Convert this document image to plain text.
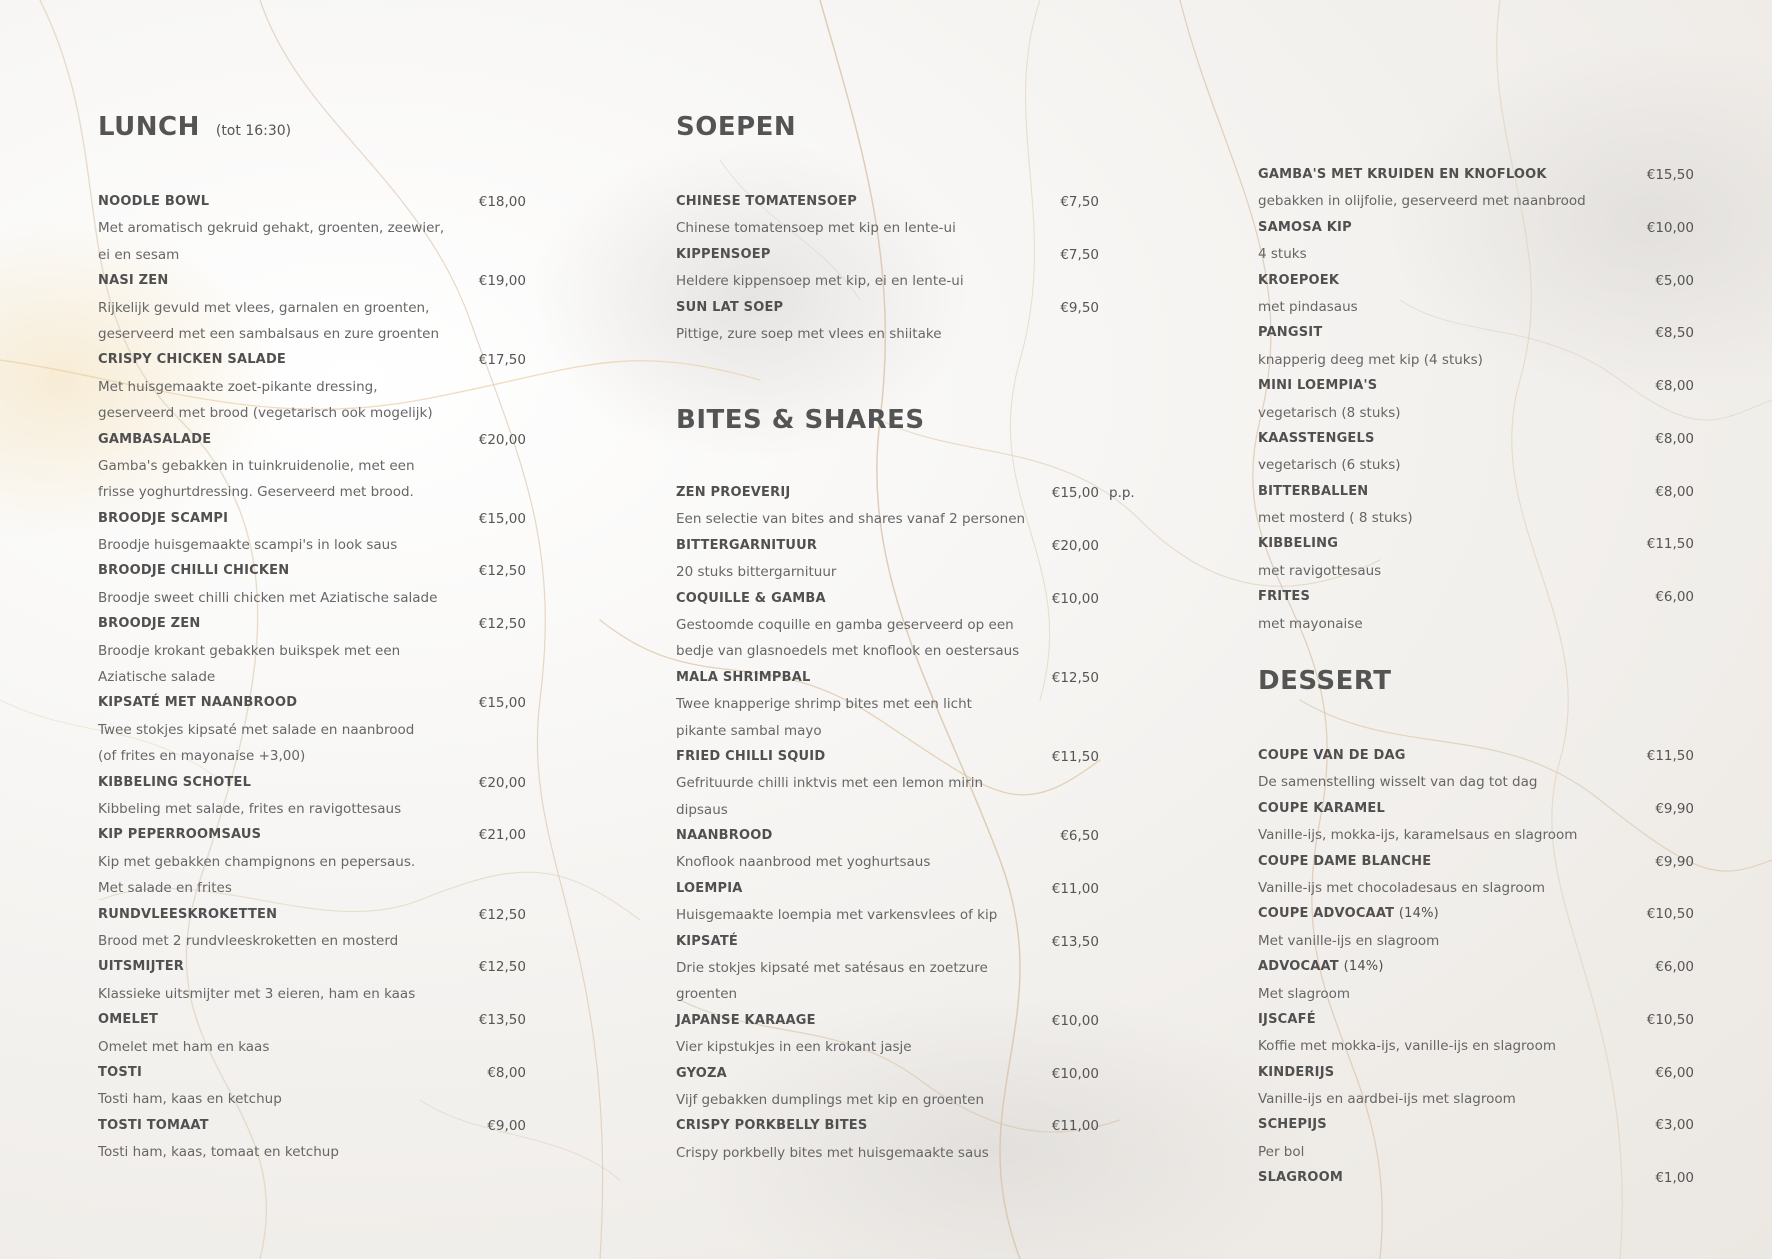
LUNCH (tot 16:30)
NOODLE BOWL	€18,00
Met aromatisch gekruid gehakt, groenten, zeewier,
ei en sesam
NASI ZEN	€19,00
Rijkelijk gevuld met vlees, garnalen en groenten,
geserveerd met een sambalsaus en zure groenten
CRISPY CHICKEN SALADE	€17,50
Met huisgemaakte zoet-pikante dressing,
geserveerd met brood (vegetarisch ook mogelijk)
GAMBASALADE	€20,00
Gamba's gebakken in tuinkruidenolie, met een
frisse yoghurtdressing. Geserveerd met brood.
BROODJE SCAMPI	€15,00
Broodje huisgemaakte scampi's in look saus
BROODJE CHILLI CHICKEN	€12,50
Broodje sweet chilli chicken met Aziatische salade
BROODJE ZEN	€12,50
Broodje krokant gebakken buikspek met een
Aziatische salade
KIPSATÉ MET NAANBROOD	€15,00
Twee stokjes kipsaté met salade en naanbrood
(of frites en mayonaise +3,00)
KIBBELING SCHOTEL	€20,00
Kibbeling met salade, frites en ravigottesaus
KIP PEPERROOMSAUS	€21,00
Kip met gebakken champignons en pepersaus.
Met salade en frites
RUNDVLEESKROKETTEN	€12,50
Brood met 2 rundvleeskroketten en mosterd
UITSMIJTER	€12,50
Klassieke uitsmijter met 3 eieren, ham en kaas
OMELET	€13,50
Omelet met ham en kaas
TOSTI	€8,00
Tosti ham, kaas en ketchup
TOSTI TOMAAT	€9,00
Tosti ham, kaas, tomaat en ketchup
SOEPEN
CHINESE TOMATENSOEP	€7,50
Chinese tomatensoep met kip en lente-ui
KIPPENSOEP	€7,50
Heldere kippensoep met kip, ei en lente-ui
SUN LAT SOEP	€9,50
Pittige, zure soep met vlees en shiitake
BITES & SHARES
ZEN PROEVERIJ	€15,00 p.p.
Een selectie van bites and shares vanaf 2 personen
BITTERGARNITUUR	€20,00
20 stuks bittergarnituur
COQUILLE & GAMBA	€10,00
Gestoomde coquille en gamba geserveerd op een
bedje van glasnoedels met knoflook en oestersaus
MALA SHRIMPBAL	€12,50
Twee knapperige shrimp bites met een licht
pikante sambal mayo
FRIED CHILLI SQUID	€11,50
Gefrituurde chilli inktvis met een lemon mirin
dipsaus
NAANBROOD	€6,50
Knoflook naanbrood met yoghurtsaus
LOEMPIA	€11,00
Huisgemaakte loempia met varkensvlees of kip
KIPSATÉ	€13,50
Drie stokjes kipsaté met satésaus en zoetzure
groenten
JAPANSE KARAAGE	€10,00
Vier kipstukjes in een krokant jasje
GYOZA	€10,00
Vijf gebakken dumplings met kip en groenten
CRISPY PORKBELLY BITES	€11,00
Crispy porkbelly bites met huisgemaakte saus
GAMBA'S MET KRUIDEN EN KNOFLOOK	€15,50
gebakken in olijfolie, geserveerd met naanbrood
SAMOSA KIP	€10,00
4 stuks
KROEPOEK	€5,00
met pindasaus
PANGSIT	€8,50
knapperig deeg met kip (4 stuks)
MINI LOEMPIA'S	€8,00
vegetarisch (8 stuks)
KAASSTENGELS	€8,00
vegetarisch (6 stuks)
BITTERBALLEN	€8,00
met mosterd ( 8 stuks)
KIBBELING	€11,50
met ravigottesaus
FRITES	€6,00
met mayonaise
DESSERT
COUPE VAN DE DAG	€11,50
De samenstelling wisselt van dag tot dag
COUPE KARAMEL	€9,90
Vanille-ijs, mokka-ijs, karamelsaus en slagroom
COUPE DAME BLANCHE	€9,90
Vanille-ijs met chocoladesaus en slagroom
COUPE ADVOCAAT (14%)	€10,50
Met vanille-ijs en slagroom
ADVOCAAT (14%)	€6,00
Met slagroom
IJSCAFÉ	€10,50
Koffie met mokka-ijs, vanille-ijs en slagroom
KINDERIJS	€6,00
Vanille-ijs en aardbei-ijs met slagroom
SCHEPIJS	€3,00
Per bol
SLAGROOM	€1,00
